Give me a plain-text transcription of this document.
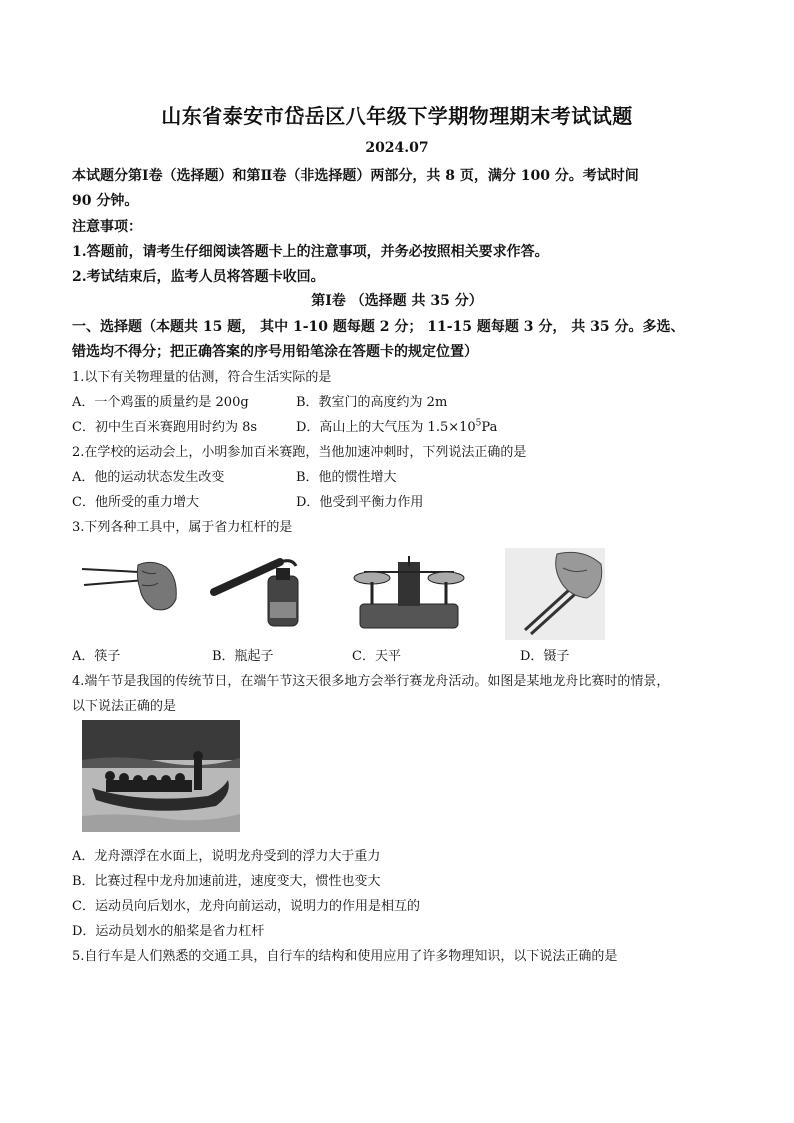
山东省泰安市岱岳区八年级下学期物理期末考试试题
2024.07
本试题分第Ⅰ卷（选择题）和第Ⅱ卷（非选择题）两部分，共 8 页，满分 100 分。考试时间
90 分钟。
注意事项：
1.答题前，请考生仔细阅读答题卡上的注意事项，并务必按照相关要求作答。
2.考试结束后，监考人员将答题卡收回。
第Ⅰ卷 （选择题 共 35 分）
一、选择题（本题共 15 题， 其中 1-10 题每题 2 分； 11-15 题每题 3 分， 共 35 分。多选、
错选均不得分；把正确答案的序号用铅笔涂在答题卡的规定位置）
1.以下有关物理量的估测，符合生活实际的是
A．一个鸡蛋的质量约是 200g	B．教室门的高度约为 2m
C．初中生百米赛跑用时约为 8s	D．高山上的大气压为 $1.5\times 10^5Pa$
2.在学校的运动会上，小明参加百米赛跑，当他加速冲刺时，下列说法正确的是
A．他的运动状态发生改变	B．他的惯性增大
C．他所受的重力增大	D．他受到平衡力作用
3.下列各种工具中，属于省力杠杆的是
A．筷子	B．瓶起子	C．天平	D．镊子
4.端午节是我国的传统节日，在端午节这天很多地方会举行赛龙舟活动。如图是某地龙舟比赛时的情景，
以下说法正确的是
A．龙舟漂浮在水面上，说明龙舟受到的浮力大于重力
B．比赛过程中龙舟加速前进，速度变大，惯性也变大
C．运动员向后划水，龙舟向前运动，说明力的作用是相互的
D．运动员划水的船桨是省力杠杆
5.自行车是人们熟悉的交通工具，自行车的结构和使用应用了许多物理知识，以下说法正确的是
